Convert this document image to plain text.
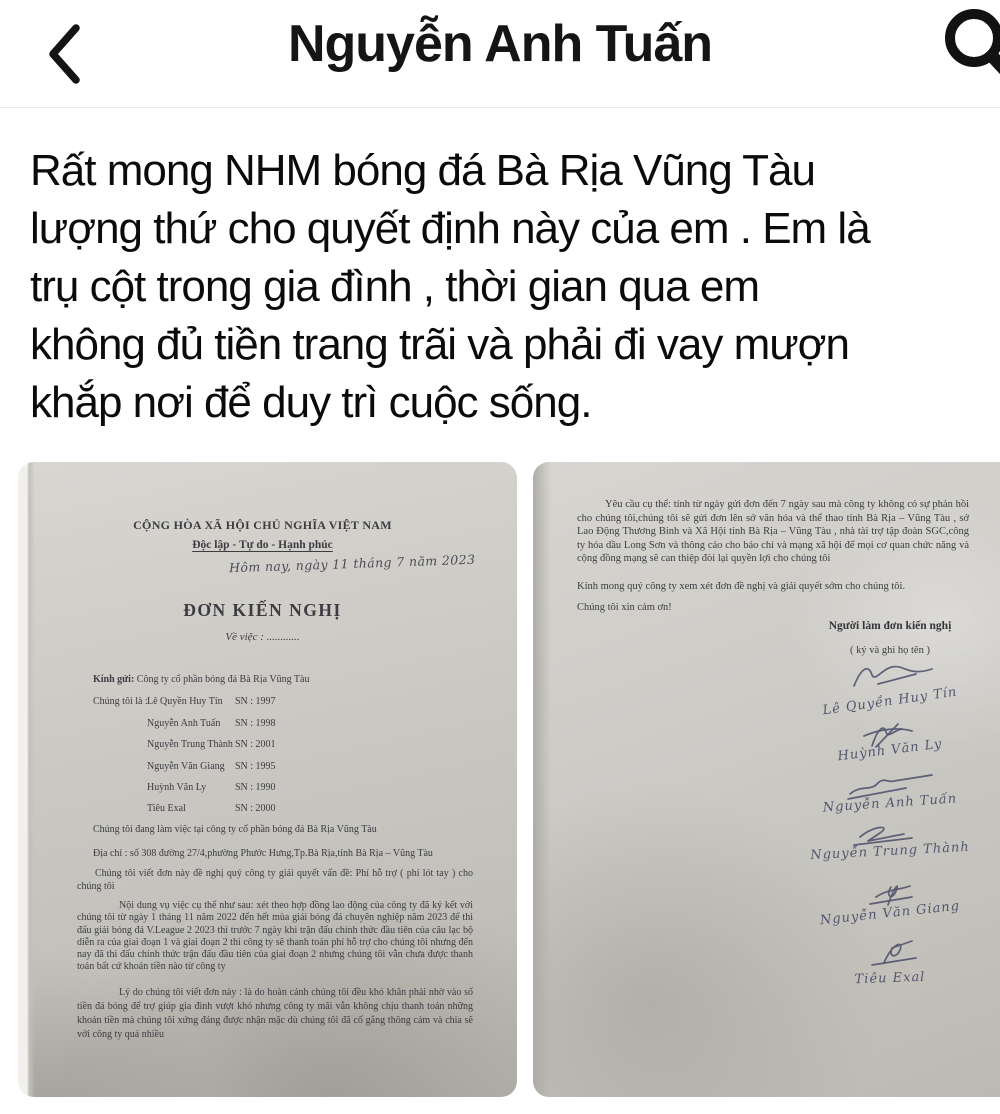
Nguyễn Anh Tuấn
Rất mong NHM bóng đá Bà Rịa Vũng Tàu
lượng thứ cho quyết định này của em . Em là
trụ cột trong gia đình , thời gian qua em
không đủ tiền trang trãi và phải đi vay mượn
khắp nơi để duy trì cuộc sống.
CỘNG HÒA XÃ HỘI CHỦ NGHĨA VIỆT NAM
Độc lập - Tự do - Hạnh phúc
Hôm nay, ngày 11 tháng 7 năm 2023
ĐƠN KIẾN NGHỊ
Về việc : ............
Kính gửi: Công ty cổ phần bóng đá Bà Rịa Vũng Tàu
Chúng tôi là : Lê Quyền Huy Tín SN : 1997
Nguyễn Anh Tuấn SN : 1998
Nguyễn Trung Thành SN : 2001
Nguyễn Văn Giang SN : 1995
Huỳnh Văn Ly	SN : 1990
Tiêu Exal	SN : 2000
Chúng tôi đang làm việc tại công ty cổ phần bóng đá Bà Rịa Vũng Tàu
Địa chỉ : số 308 đường 27/4,phường Phước Hưng,Tp.Bà Rịa,tỉnh Bà Rịa – Vũng Tàu
Chúng tôi viết đơn này đề nghị quý công ty giải quyết vấn đề: Phí hỗ trợ ( phí lót tay ) cho chúng tôi
Nội dung vụ việc cụ thể như sau: xét theo hợp đồng lao động của công ty đã ký kết với chúng tôi từ ngày 1 tháng 11 năm 2022 đến hết mùa giải bóng đá chuyên nghiệp năm 2023 để thi đấu giải bóng đá V.League 2 2023 thì trước 7 ngày khi trận đấu chính thức đầu tiên của câu lạc bộ diễn ra của giai đoạn 1 và giai đoạn 2 thì công ty sẽ thanh toán phí hỗ trợ cho chúng tôi nhưng đến nay đã thi đấu chính thức trận đấu đầu tiên của giai đoạn 2 nhưng chúng tôi vẫn chưa được thanh toán bất cứ khoản tiền nào từ công ty
Lý do chúng tôi viết đơn này : là do hoàn cảnh chúng tôi đều khó khăn phải nhờ vào số tiền đá bóng để trợ giúp gia đình vượt khó nhưng công ty mãi vẫn không chịu thanh toán những khoản tiền mà chúng tôi xứng đáng được nhận mặc dù chúng tôi đã cố gắng thông cảm và chia sẽ với công ty quá nhiều
Yêu cầu cụ thể: tính từ ngày gửi đơn đến 7 ngày sau mà công ty không có sự phản hồi cho chúng tôi,chúng tôi sẽ gửi đơn lên sở văn hóa và thể thao tỉnh Bà Rịa – Vũng Tàu , sở Lao Động Thương Binh và Xã Hội tỉnh Bà Rịa – Vũng Tàu , nhà tài trợ tập đoàn SGC,công ty hóa dầu Long Sơn và thông cáo cho báo chí và mạng xã hội để mọi cơ quan chức năng và cộng đồng mạng sẽ can thiệp đòi lại quyền lợi cho chúng tôi
Kính mong quý công ty xem xét đơn đề nghị và giải quyết sớm cho chúng tôi.
Chúng tôi xin cảm ơn!
Người làm đơn kiến nghị
( ký và ghi họ tên )
Lê Quyền Huy Tín
Huỳnh Văn Ly
Nguyễn Anh Tuấn
Nguyễn Trung Thành
Nguyễn Văn Giang
Tiêu Exal
